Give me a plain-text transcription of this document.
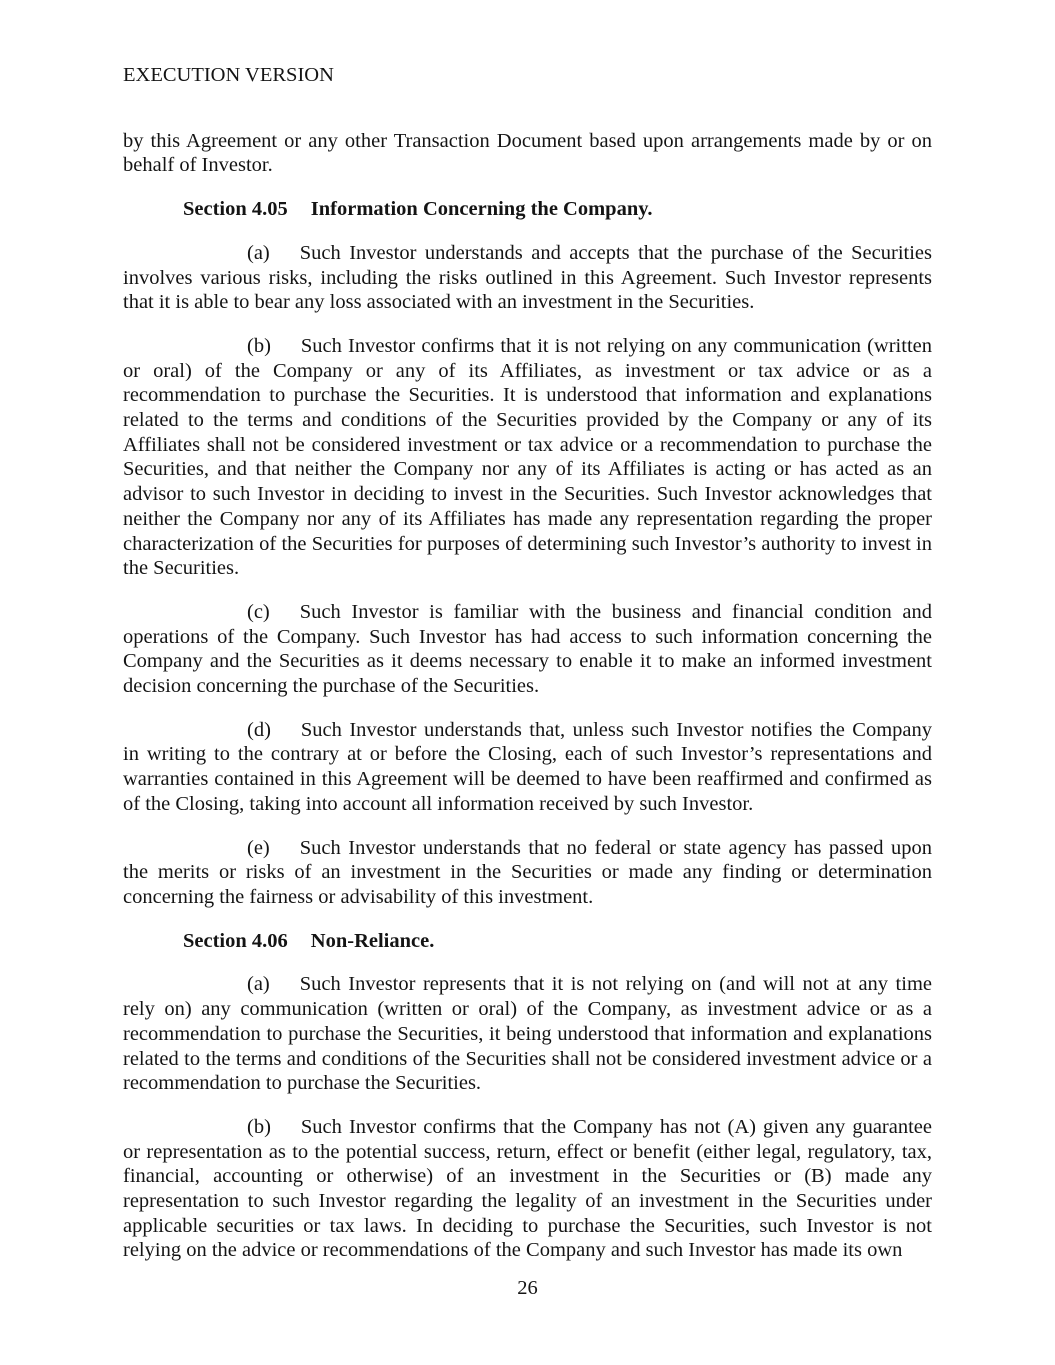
EXECUTION VERSION

by this Agreement or any other Transaction Document based upon arrangements made by or on behalf of Investor.

Section 4.05 Information Concerning the Company.

(a) Such Investor understands and accepts that the purchase of the Securities involves various risks, including the risks outlined in this Agreement. Such Investor represents that it is able to bear any loss associated with an investment in the Securities.

(b) Such Investor confirms that it is not relying on any communication (written or oral) of the Company or any of its Affiliates, as investment or tax advice or as a recommendation to purchase the Securities. It is understood that information and explanations related to the terms and conditions of the Securities provided by the Company or any of its Affiliates shall not be considered investment or tax advice or a recommendation to purchase the Securities, and that neither the Company nor any of its Affiliates is acting or has acted as an advisor to such Investor in deciding to invest in the Securities. Such Investor acknowledges that neither the Company nor any of its Affiliates has made any representation regarding the proper characterization of the Securities for purposes of determining such Investor’s authority to invest in the Securities.

(c) Such Investor is familiar with the business and financial condition and operations of the Company. Such Investor has had access to such information concerning the Company and the Securities as it deems necessary to enable it to make an informed investment decision concerning the purchase of the Securities.

(d) Such Investor understands that, unless such Investor notifies the Company in writing to the contrary at or before the Closing, each of such Investor’s representations and warranties contained in this Agreement will be deemed to have been reaffirmed and confirmed as of the Closing, taking into account all information received by such Investor.

(e) Such Investor understands that no federal or state agency has passed upon the merits or risks of an investment in the Securities or made any finding or determination concerning the fairness or advisability of this investment.

Section 4.06 Non-Reliance.

(a) Such Investor represents that it is not relying on (and will not at any time rely on) any communication (written or oral) of the Company, as investment advice or as a recommendation to purchase the Securities, it being understood that information and explanations related to the terms and conditions of the Securities shall not be considered investment advice or a recommendation to purchase the Securities.

(b) Such Investor confirms that the Company has not (A) given any guarantee or representation as to the potential success, return, effect or benefit (either legal, regulatory, tax, financial, accounting or otherwise) of an investment in the Securities or (B) made any representation to such Investor regarding the legality of an investment in the Securities under applicable securities or tax laws. In deciding to purchase the Securities, such Investor is not relying on the advice or recommendations of the Company and such Investor has made its own

26
